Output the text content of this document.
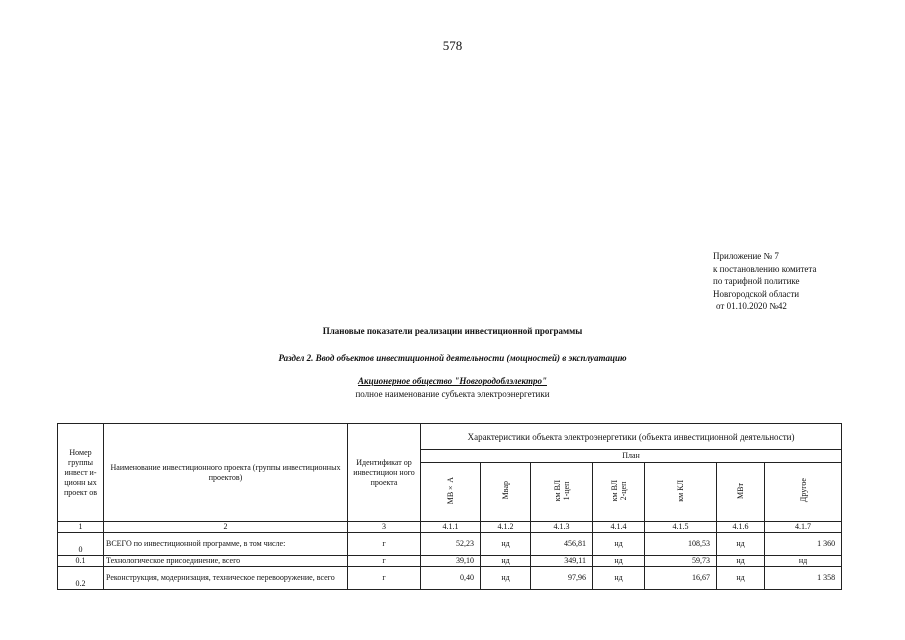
578
Приложение № 7
к постановлению комитета
по тарифной политике
Новгородской области
от 01.10.2020 №42
Плановые показатели реализации инвестиционной программы
Раздел 2. Ввод объектов инвестиционной деятельности (мощностей) в эксплуатацию
Акционерное общество "Новгородоблэлектро"
полное наименование субъекта электроэнергетики
Номер группы инвест и- ционн ых проект ов	Наименование инвестиционного проекта (группы инвестиционных проектов)	Идентификат ор инвестицион ного проекта	Характеристики объекта электроэнергетики (объекта инвестиционной деятельности)						
			План						
			МВ×А	Мвар	км ВЛ
1-цеп	км ВЛ
2-цеп	км КЛ	МВт	Другое
1	2	3	4.1.1	4.1.2	4.1.3	4.1.4	4.1.5	4.1.6	4.1.7
0	ВСЕГО по инвестиционной программе, в том числе:	г	52,23	нд	456,81	нд	108,53	нд	1 360
0.1	Технологическое присоединение, всего	г	39,10	нд	349,11	нд	59,73	нд	нд
0.2	Реконструкция, модернизация, техническое перевооружение, всего	г	0,40	нд	97,96	нд	16,67	нд	1 358
